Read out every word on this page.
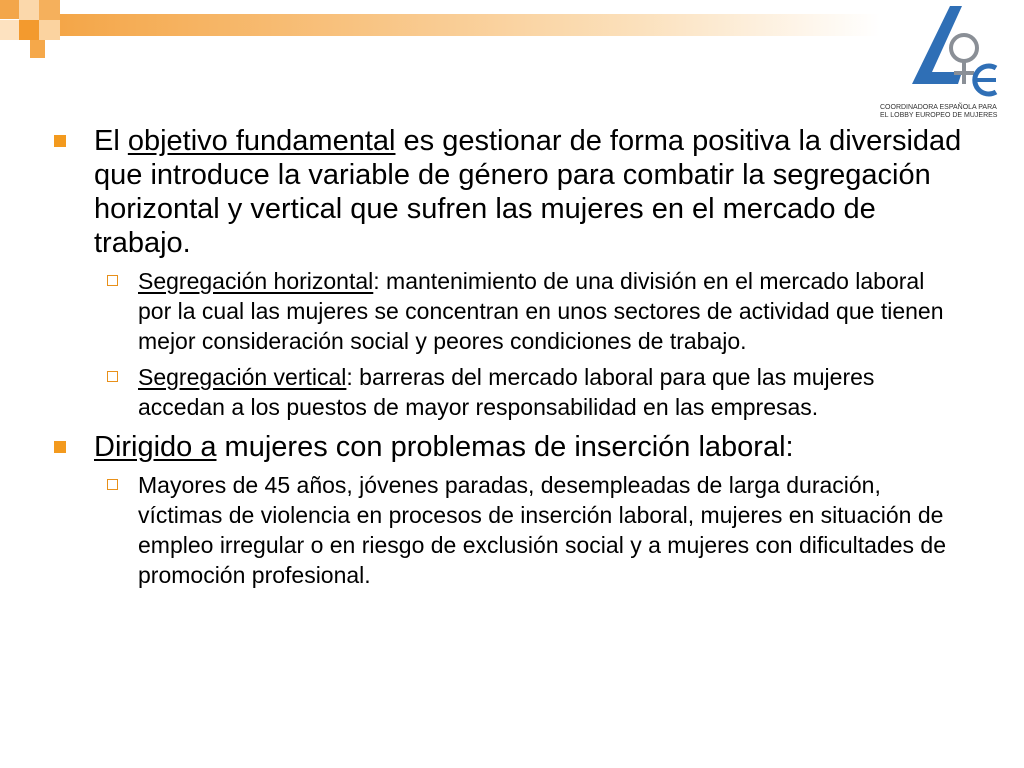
COORDINADORA ESPAÑOLA PARA
EL LOBBY EUROPEO DE MUJERES
El objetivo fundamental es gestionar de forma positiva la diversidad que introduce la variable de género para combatir la segregación horizontal y vertical que sufren las mujeres en el mercado de trabajo.
Segregación horizontal: mantenimiento de una división en el mercado laboral por la cual las mujeres se concentran en unos sectores de actividad que tienen mejor consideración social y peores condiciones de trabajo.
Segregación vertical: barreras del mercado laboral para que las mujeres accedan a los puestos de mayor responsabilidad en las empresas.
Dirigido a mujeres con problemas de inserción laboral:
Mayores de 45 años, jóvenes paradas, desempleadas de larga duración, víctimas de violencia en procesos de inserción laboral, mujeres en situación de empleo irregular o en riesgo de exclusión social y a mujeres con dificultades de promoción profesional.
